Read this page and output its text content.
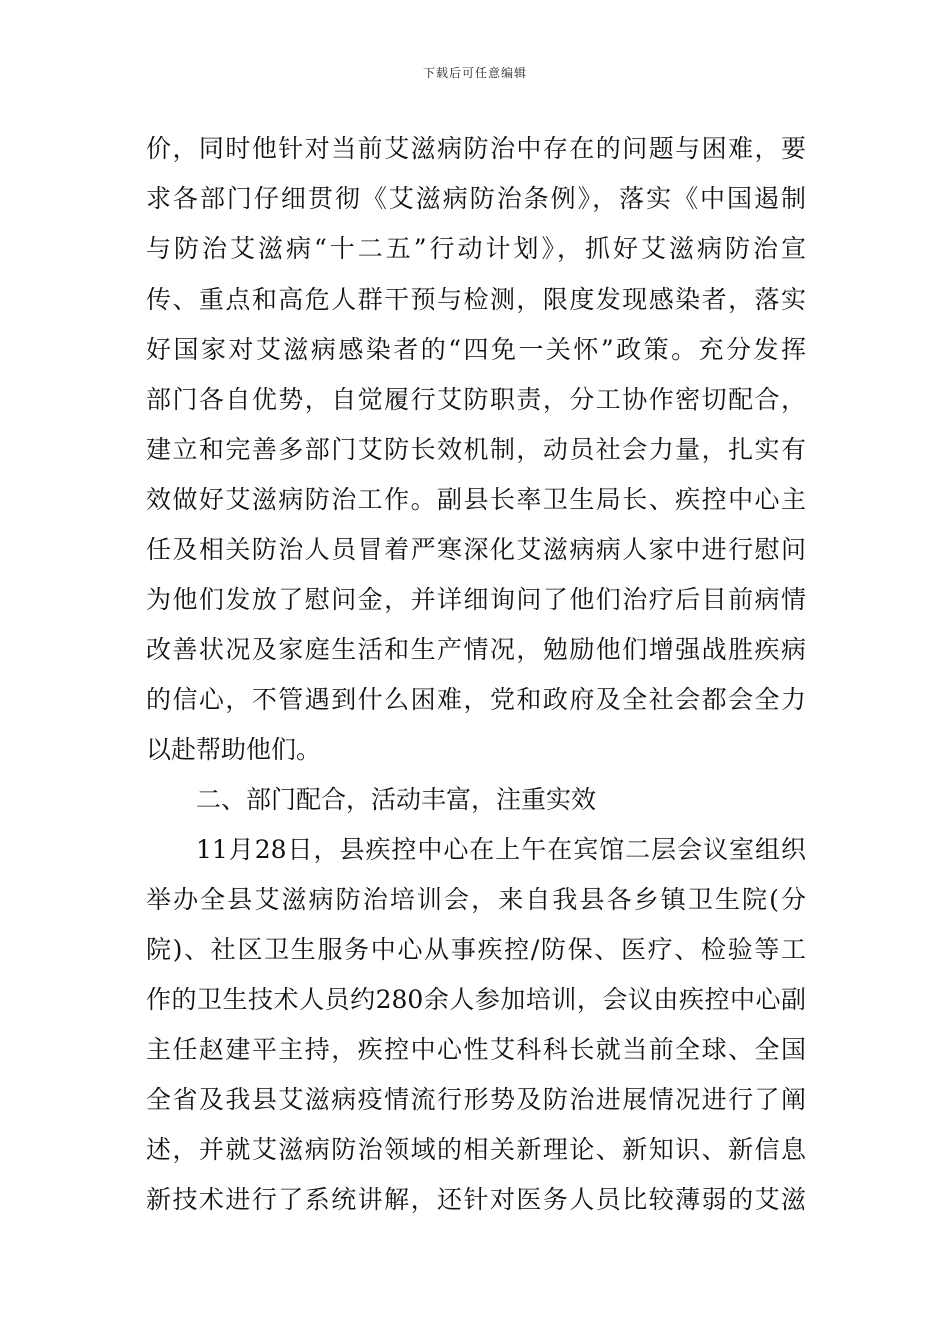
下载后可任意编辑
价，同时他针对当前艾滋病防治中存在的问题与困难，要
求各部门仔细贯彻《艾滋病防治条例》，落实《中国遏制
与防治艾滋病“十二五”行动计划》，抓好艾滋病防治宣
传、重点和高危人群干预与检测，限度发现感染者，落实
好国家对艾滋病感染者的“四免一关怀”政策。充分发挥
部门各自优势，自觉履行艾防职责，分工协作密切配合，
建立和完善多部门艾防长效机制，动员社会力量，扎实有
效做好艾滋病防治工作。副县长率卫生局长、疾控中心主
任及相关防治人员冒着严寒深化艾滋病病人家中进行慰问
为他们发放了慰问金，并详细询问了他们治疗后目前病情
改善状况及家庭生活和生产情况，勉励他们增强战胜疾病
的信心，不管遇到什么困难，党和政府及全社会都会全力
以赴帮助他们。
二、部门配合，活动丰富，注重实效
11月28日，县疾控中心在上午在宾馆二层会议室组织
举办全县艾滋病防治培训会，来自我县各乡镇卫生院(分
院)、社区卫生服务中心从事疾控/防保、医疗、检验等工
作的卫生技术人员约280余人参加培训，会议由疾控中心副
主任赵建平主持，疾控中心性艾科科长就当前全球、全国
全省及我县艾滋病疫情流行形势及防治进展情况进行了阐
述，并就艾滋病防治领域的相关新理论、新知识、新信息
新技术进行了系统讲解，还针对医务人员比较薄弱的艾滋
